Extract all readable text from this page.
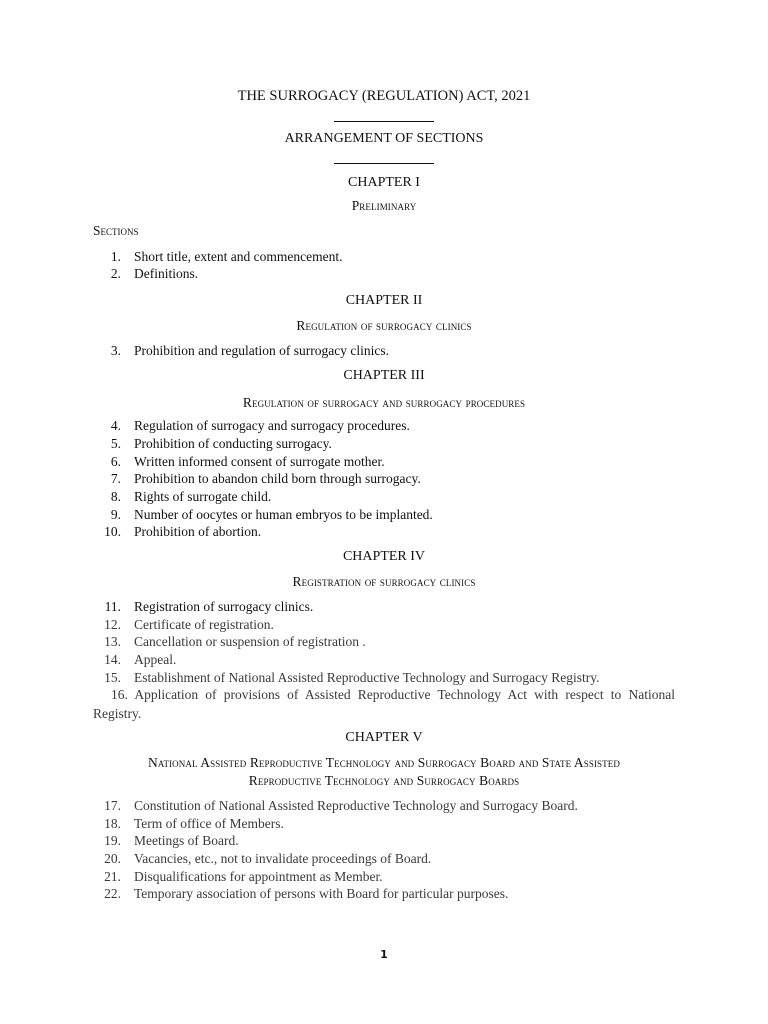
THE SURROGACY (REGULATION) ACT, 2021
ARRANGEMENT OF SECTIONS
CHAPTER I
Preliminary
Sections
1. Short title, extent and commencement.
2. Definitions.
CHAPTER II
Regulation of surrogacy clinics
3. Prohibition and regulation of surrogacy clinics.
CHAPTER III
Regulation of surrogacy and surrogacy procedures
4. Regulation of surrogacy and surrogacy procedures.
5. Prohibition of conducting surrogacy.
6. Written informed consent of surrogate mother.
7. Prohibition to abandon child born through surrogacy.
8. Rights of surrogate child.
9. Number of oocytes or human embryos to be implanted.
10. Prohibition of abortion.
CHAPTER IV
Registration of surrogacy clinics
11. Registration of surrogacy clinics.
12. Certificate of registration.
13. Cancellation or suspension of registration .
14. Appeal.
15. Establishment of National Assisted Reproductive Technology and Surrogacy Registry.
16. Application of provisions of Assisted Reproductive Technology Act with respect to National Registry.
CHAPTER V
National Assisted Reproductive Technology and Surrogacy Board and State Assisted
Reproductive Technology and Surrogacy Boards
17. Constitution of National Assisted Reproductive Technology and Surrogacy Board.
18. Term of office of Members.
19. Meetings of Board.
20. Vacancies, etc., not to invalidate proceedings of Board.
21. Disqualifications for appointment as Member.
22. Temporary association of persons with Board for particular purposes.
1
